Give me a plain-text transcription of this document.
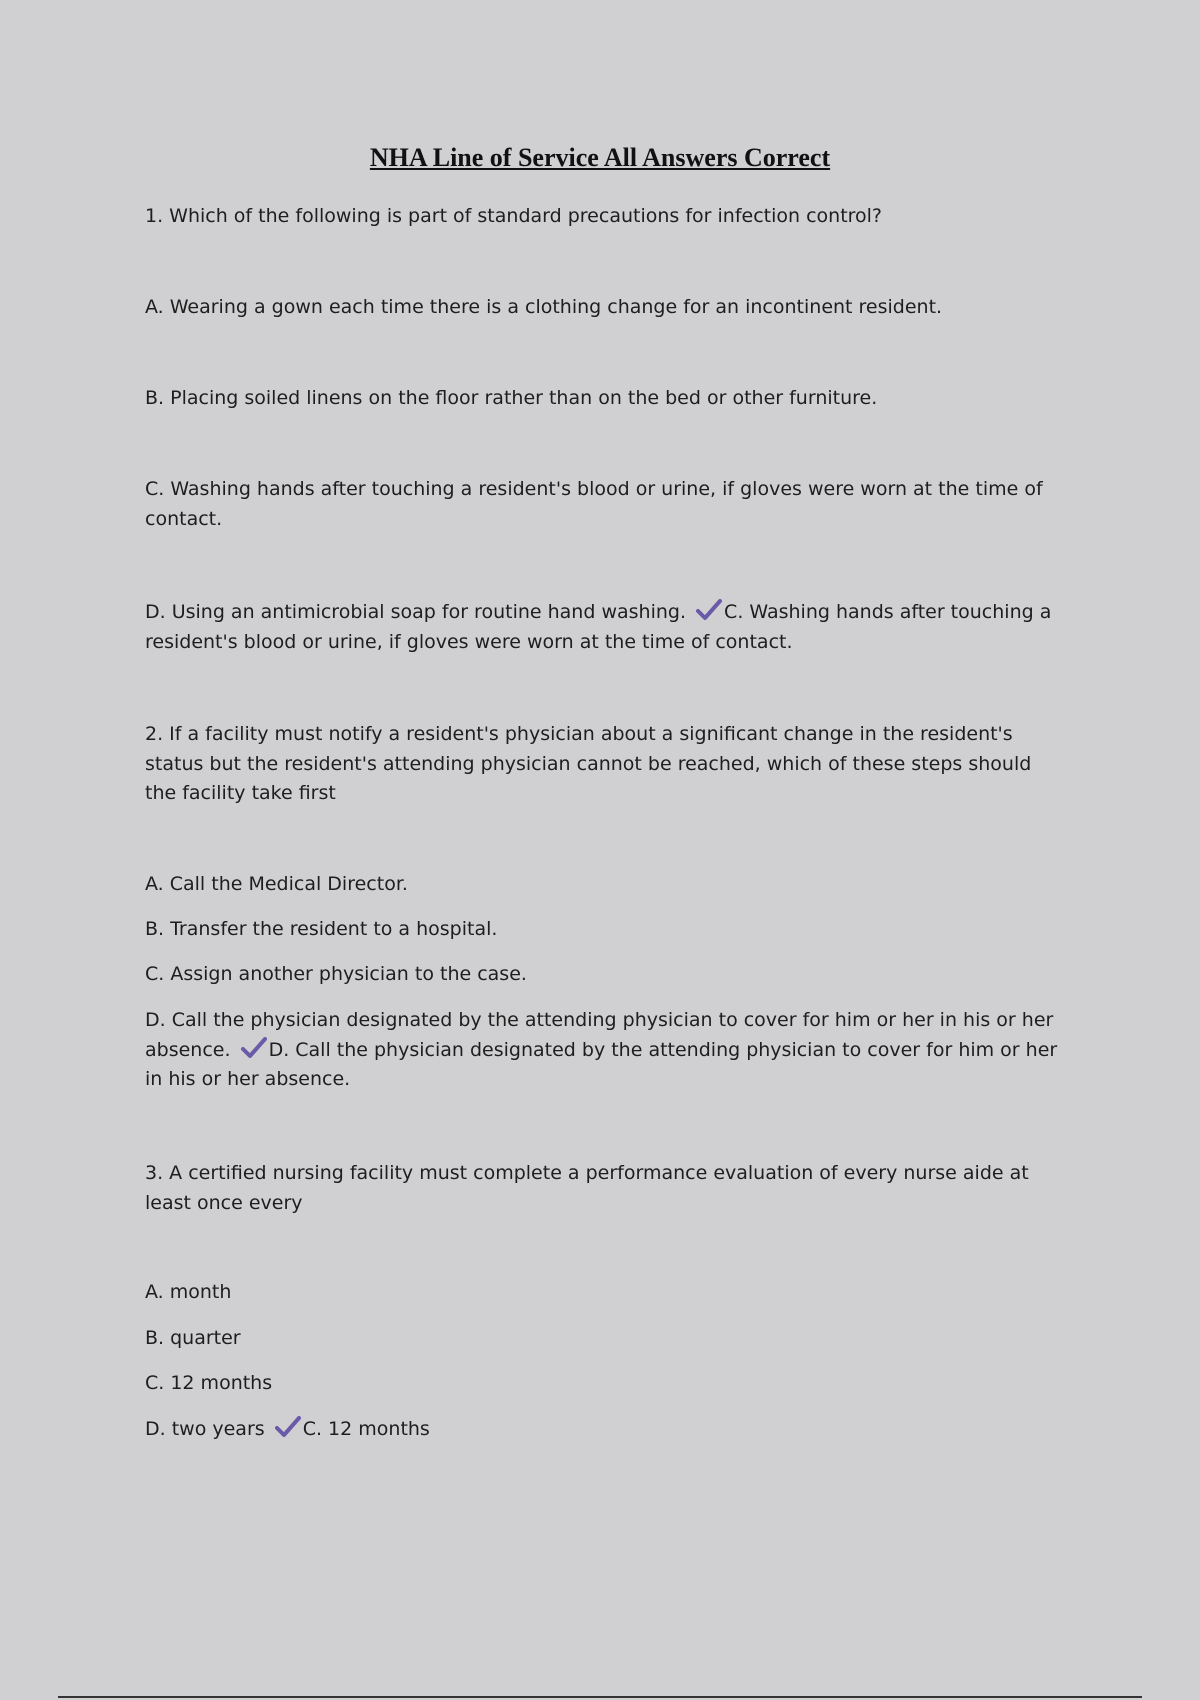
NHA Line of Service All Answers Correct
1. Which of the following is part of standard precautions for infection control?
A. Wearing a gown each time there is a clothing change for an incontinent resident.
B. Placing soiled linens on the floor rather than on the bed or other furniture.
C. Washing hands after touching a resident's blood or urine, if gloves were worn at the time of contact.
D. Using an antimicrobial soap for routine hand washing. C. Washing hands after touching a resident's blood or urine, if gloves were worn at the time of contact.
2. If a facility must notify a resident's physician about a significant change in the resident's status but the resident's attending physician cannot be reached, which of these steps should the facility take first
A. Call the Medical Director.
B. Transfer the resident to a hospital.
C. Assign another physician to the case.
D. Call the physician designated by the attending physician to cover for him or her in his or her absence. D. Call the physician designated by the attending physician to cover for him or her in his or her absence.
3. A certified nursing facility must complete a performance evaluation of every nurse aide at least once every
A. month
B. quarter
C. 12 months
D. two years C. 12 months
